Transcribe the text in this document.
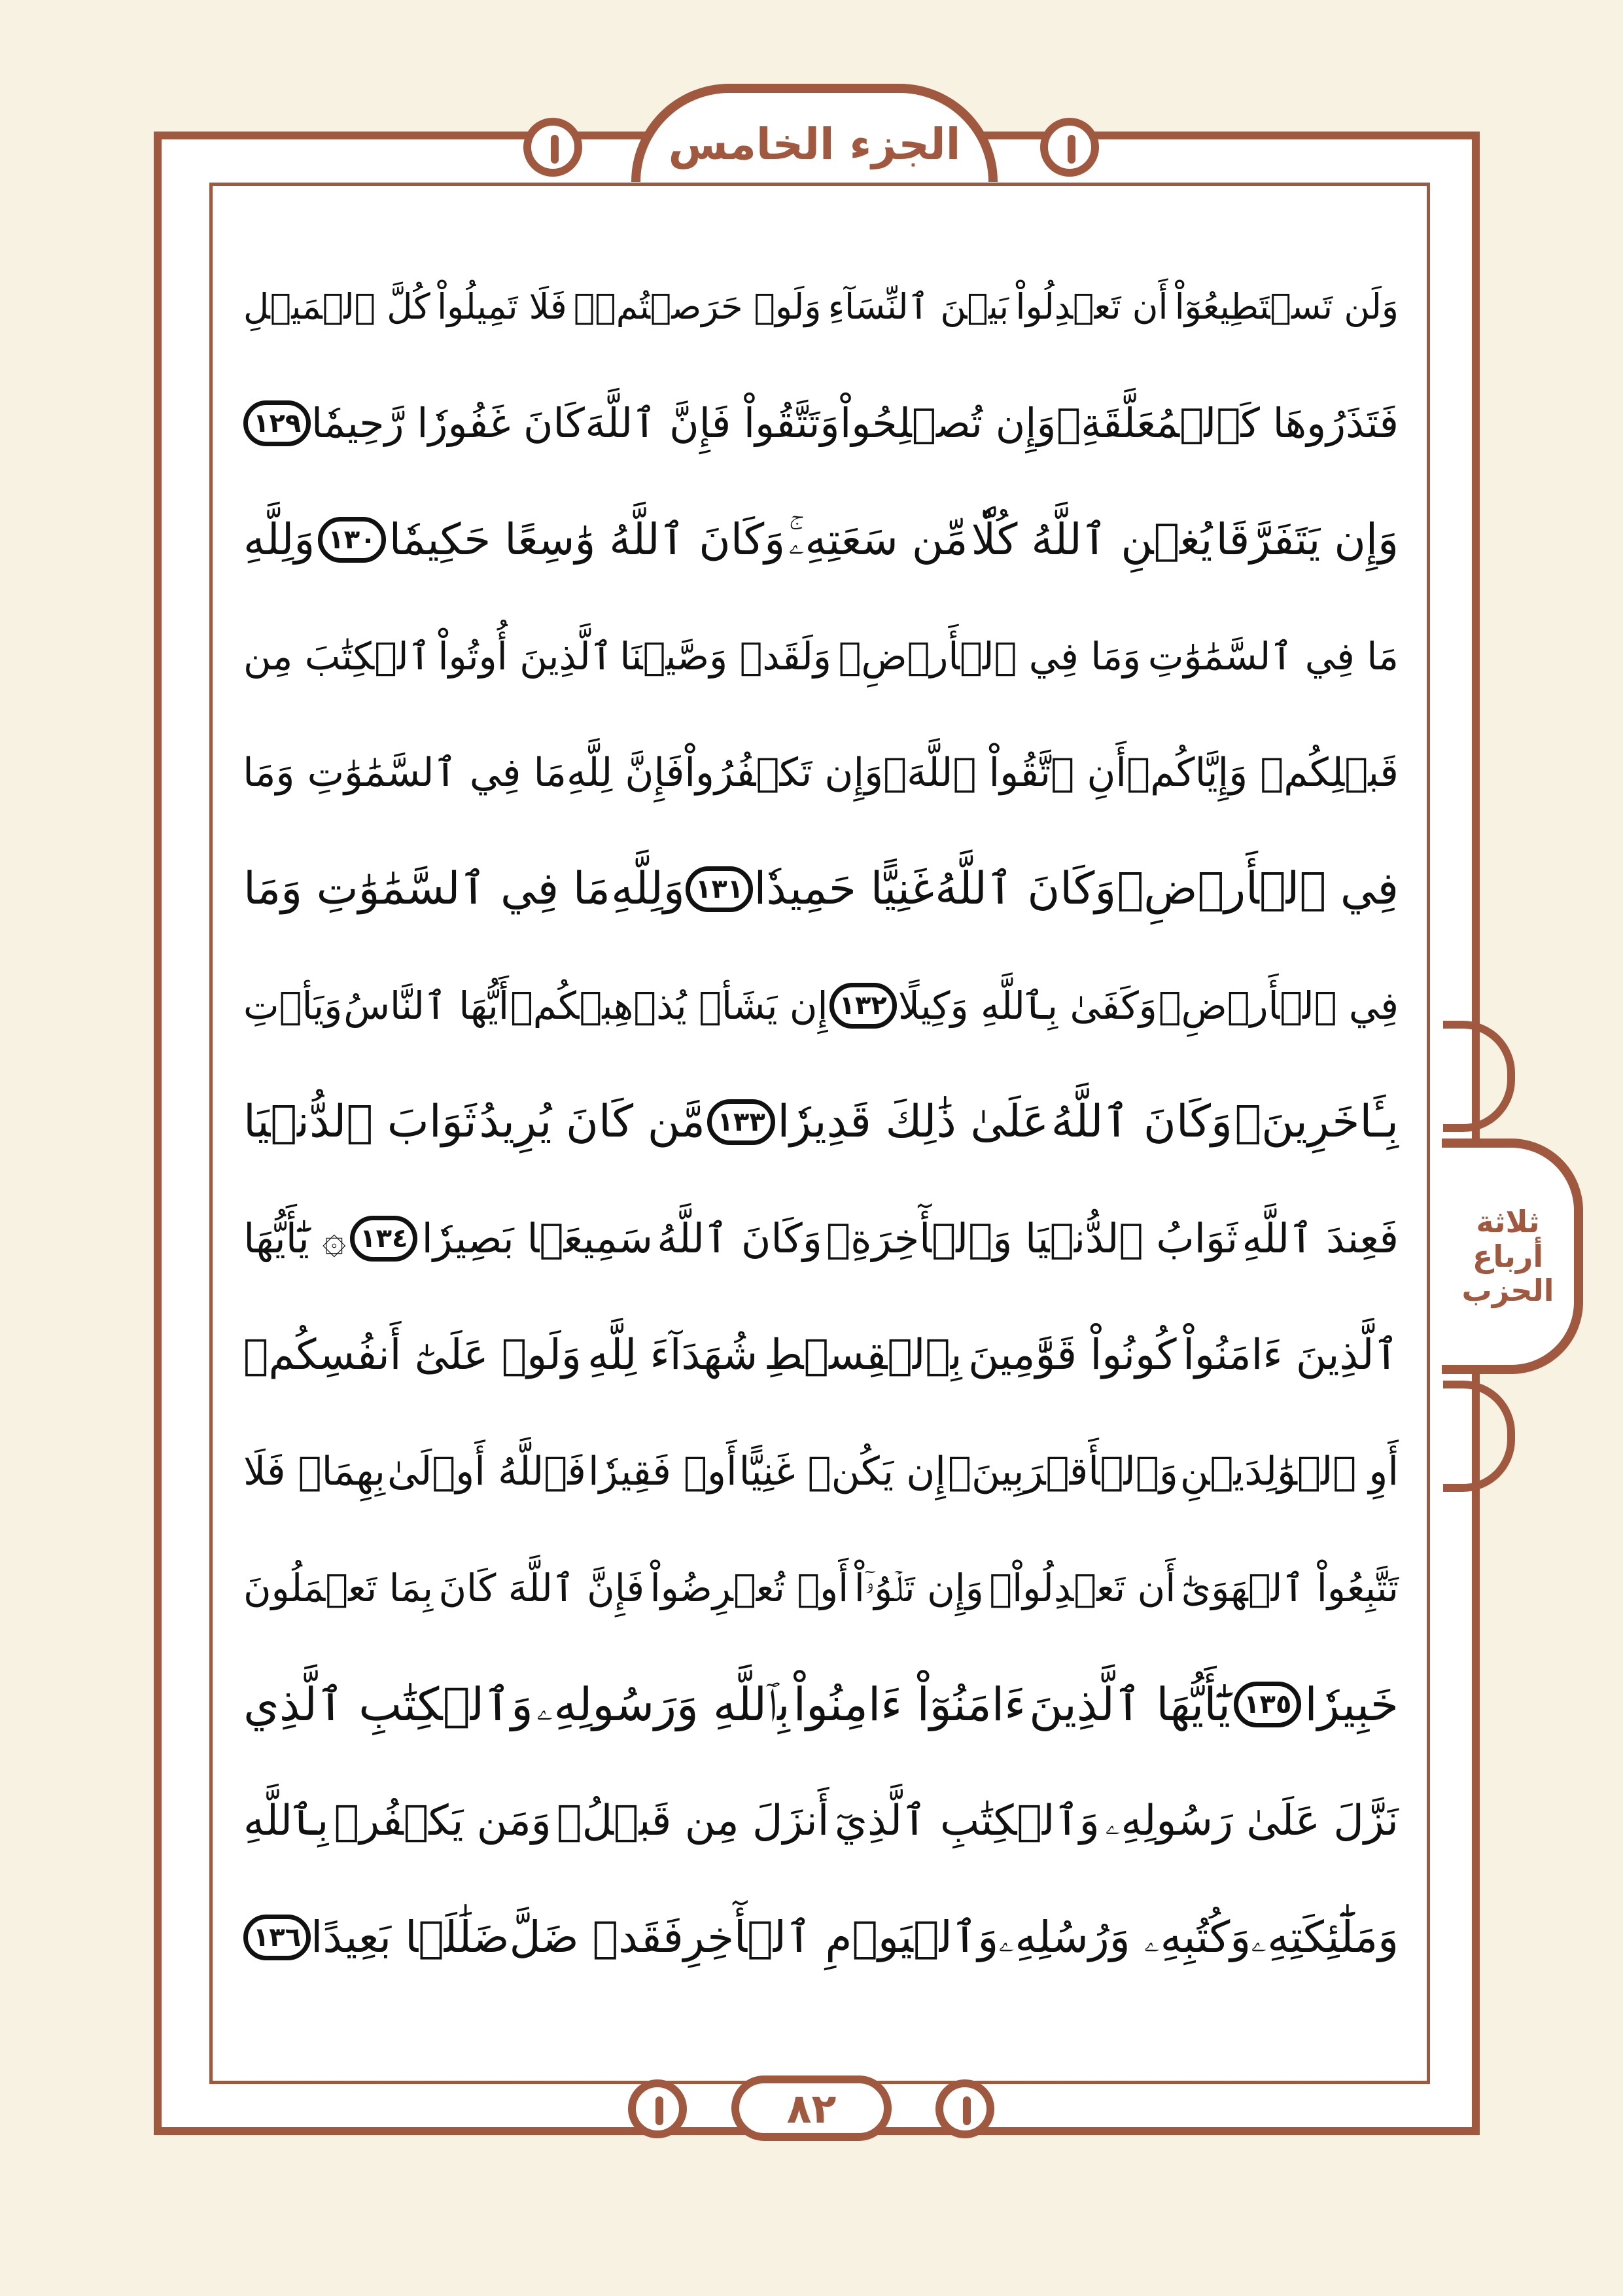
الجزء الخامس
ثلاثة أرباع الحزب
وَلَن تَسۡتَطِيعُوٓاْ
أَن تَعۡدِلُواْ
بَيۡنَ ٱلنِّسَآءِ
وَلَوۡ حَرَصۡتُمۡۖ
فَلَا تَمِيلُواْ
كُلَّ ٱلۡمَيۡلِ
فَتَذَرُوهَا كَٱلۡمُعَلَّقَةِۚ
وَإِن تُصۡلِحُواْ
وَتَتَّقُواْ فَإِنَّ ٱللَّهَ
كَانَ غَفُورٗا رَّحِيمٗا
١٢٩
وَإِن يَتَفَرَّقَا
يُغۡنِ ٱللَّهُ كُلّٗا
مِّن سَعَتِهِۦۚ
وَكَانَ ٱللَّهُ وَٰسِعًا حَكِيمٗا
١٣٠
وَلِلَّهِ
مَا فِي ٱلسَّمَٰوَٰتِ
وَمَا فِي ٱلۡأَرۡضِۗ
وَلَقَدۡ وَصَّيۡنَا
ٱلَّذِينَ أُوتُواْ
ٱلۡكِتَٰبَ مِن
قَبۡلِكُمۡ وَإِيَّاكُمۡ
أَنِ ٱتَّقُواْ ٱللَّهَۚ
وَإِن تَكۡفُرُواْ
فَإِنَّ لِلَّهِ
مَا فِي ٱلسَّمَٰوَٰتِ وَمَا
فِي ٱلۡأَرۡضِۚ
وَكَانَ ٱللَّهُ
غَنِيًّا حَمِيدٗا
١٣١
وَلِلَّهِ
مَا فِي ٱلسَّمَٰوَٰتِ وَمَا
فِي ٱلۡأَرۡضِۚ
وَكَفَىٰ بِٱللَّهِ وَكِيلًا
١٣٢
إِن يَشَأۡ يُذۡهِبۡكُمۡ
أَيُّهَا ٱلنَّاسُ
وَيَأۡتِ
بِـَٔاخَرِينَۚ
وَكَانَ ٱللَّهُ
عَلَىٰ ذَٰلِكَ قَدِيرٗا
١٣٣
مَّن كَانَ يُرِيدُ
ثَوَابَ ٱلدُّنۡيَا
فَعِندَ ٱللَّهِ
ثَوَابُ ٱلدُّنۡيَا وَٱلۡأٓخِرَةِۚ
وَكَانَ ٱللَّهُ
سَمِيعَۢا بَصِيرٗا
١٣٤
۞ يَٰٓأَيُّهَا
ٱلَّذِينَ ءَامَنُواْ
كُونُواْ قَوَّٰمِينَ
بِٱلۡقِسۡطِ
شُهَدَآءَ لِلَّهِ
وَلَوۡ عَلَىٰٓ أَنفُسِكُمۡ
أَوِ ٱلۡوَٰلِدَيۡنِ
وَٱلۡأَقۡرَبِينَۚ
إِن يَكُنۡ غَنِيًّا
أَوۡ فَقِيرٗا
فَٱللَّهُ أَوۡلَىٰ
بِهِمَاۖ فَلَا
تَتَّبِعُواْ ٱلۡهَوَىٰٓ
أَن تَعۡدِلُواْۚ
وَإِن تَلۡوُۥٓاْ
أَوۡ تُعۡرِضُواْ
فَإِنَّ ٱللَّهَ كَانَ
بِمَا تَعۡمَلُونَ
خَبِيرٗا
١٣٥
يَٰٓأَيُّهَا ٱلَّذِينَ
ءَامَنُوٓاْ ءَامِنُواْ
بِٱللَّهِ وَرَسُولِهِۦ
وَٱلۡكِتَٰبِ ٱلَّذِي
نَزَّلَ عَلَىٰ رَسُولِهِۦ
وَٱلۡكِتَٰبِ ٱلَّذِيٓ
أَنزَلَ مِن قَبۡلُۚ
وَمَن يَكۡفُرۡ
بِٱللَّهِ
وَمَلَٰٓئِكَتِهِۦ
وَكُتُبِهِۦ وَرُسُلِهِۦ
وَٱلۡيَوۡمِ ٱلۡأٓخِرِ
فَقَدۡ ضَلَّ
ضَلَٰلَۢا بَعِيدًا
١٣٦
٨٢
